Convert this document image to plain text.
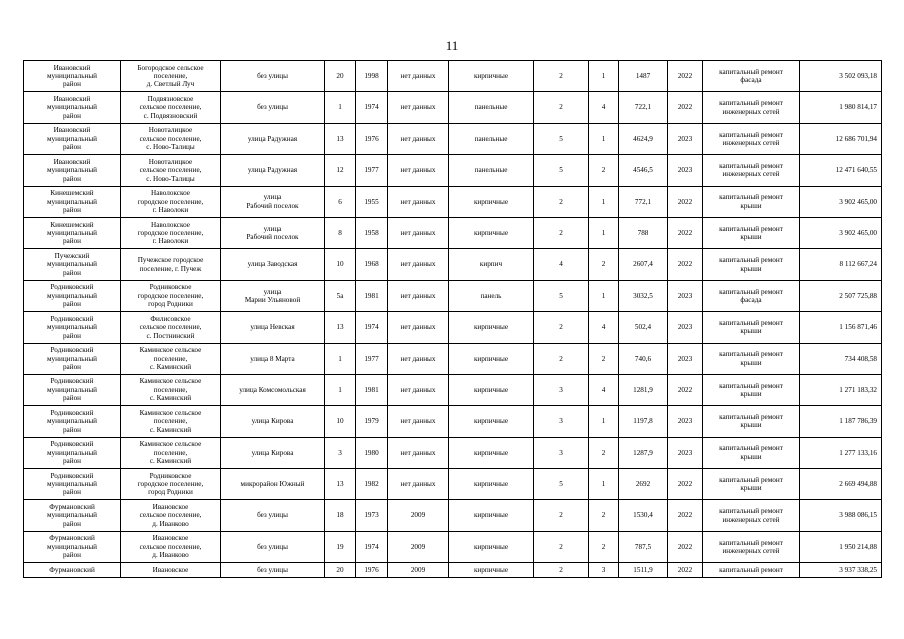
11
Ивановский
муниципальный
район	Богородское сельское
поселение,
д. Светлый Луч	без улицы	20	1998	нет данных	кирпичные	2	1	1487	2022	капитальный ремонт
фасада	3 502 093,18
Ивановский
муниципальный
район	Подвязновское
сельское поселение,
с. Подвязновский	без улицы	1	1974	нет данных	панельные	2	4	722,1	2022	капитальный ремонт
инженерных сетей	1 980 814,17
Ивановский
муниципальный
район	Новоталицкое
сельское поселение,
с. Ново-Талицы	улица Радужная	13	1976	нет данных	панельные	5	1	4624,9	2023	капитальный ремонт
инженерных сетей	12 686 701,94
Ивановский
муниципальный
район	Новоталицкое
сельское поселение,
с. Ново-Талицы	улица Радужная	12	1977	нет данных	панельные	5	2	4546,5	2023	капитальный ремонт
инженерных сетей	12 471 640,55
Кинешемский
муниципальный
район	Наволокское
городское поселение,
г. Наволоки	улица
Рабочий поселок	6	1955	нет данных	кирпичные	2	1	772,1	2022	капитальный ремонт
крыши	3 902 465,00
Кинешемский
муниципальный
район	Наволокское
городское поселение,
г. Наволоки	улица
Рабочий поселок	8	1958	нет данных	кирпичные	2	1	788	2022	капитальный ремонт
крыши	3 902 465,00
Пучежский
муниципальный
район	Пучежское городское
поселение, г. Пучеж	улица Заводская	10	1968	нет данных	кирпич	4	2	2607,4	2022	капитальный ремонт
крыши	8 112 667,24
Родниковский
муниципальный
район	Родниковское
городское поселение,
город Родники	улица
Марии Ульяновой	5а	1981	нет данных	панель	5	1	3032,5	2023	капитальный ремонт
фасада	2 507 725,88
Родниковский
муниципальный
район	Филисовское
сельское поселение,
с. Постнинский	улица Невская	13	1974	нет данных	кирпичные	2	4	502,4	2023	капитальный ремонт
крыши	1 156 871,46
Родниковский
муниципальный
район	Каминское сельское
поселение,
с. Каминский	улица 8 Марта	1	1977	нет данных	кирпичные	2	2	740,6	2023	капитальный ремонт
крыши	734 408,58
Родниковский
муниципальный
район	Каминское сельское
поселение,
с. Каминский	улица Комсомольская	1	1981	нет данных	кирпичные	3	4	1281,9	2022	капитальный ремонт
крыши	1 271 183,32
Родниковский
муниципальный
район	Каминское сельское
поселение,
с. Каминский	улица Кирова	10	1979	нет данных	кирпичные	3	1	1197,8	2023	капитальный ремонт
крыши	1 187 786,39
Родниковский
муниципальный
район	Каминское сельское
поселение,
с. Каминский	улица Кирова	3	1980	нет данных	кирпичные	3	2	1287,9	2023	капитальный ремонт
крыши	1 277 133,16
Родниковский
муниципальный
район	Родниковское
городское поселение,
город Родники	микрорайон Южный	13	1982	нет данных	кирпичные	5	1	2692	2022	капитальный ремонт
крыши	2 669 494,88
Фурмановский
муниципальный
район	Ивановское
сельское поселение,
д. Иванково	без улицы	18	1973	2009	кирпичные	2	2	1530,4	2022	капитальный ремонт
инженерных сетей	3 988 086,15
Фурмановский
муниципальный
район	Ивановское
сельское поселение,
д. Иванково	без улицы	19	1974	2009	кирпичные	2	2	787,5	2022	капитальный ремонт
инженерных сетей	1 950 214,88
Фурмановский	Ивановское	без улицы	20	1976	2009	кирпичные	2	3	1511,9	2022	капитальный ремонт	3 937 338,25
